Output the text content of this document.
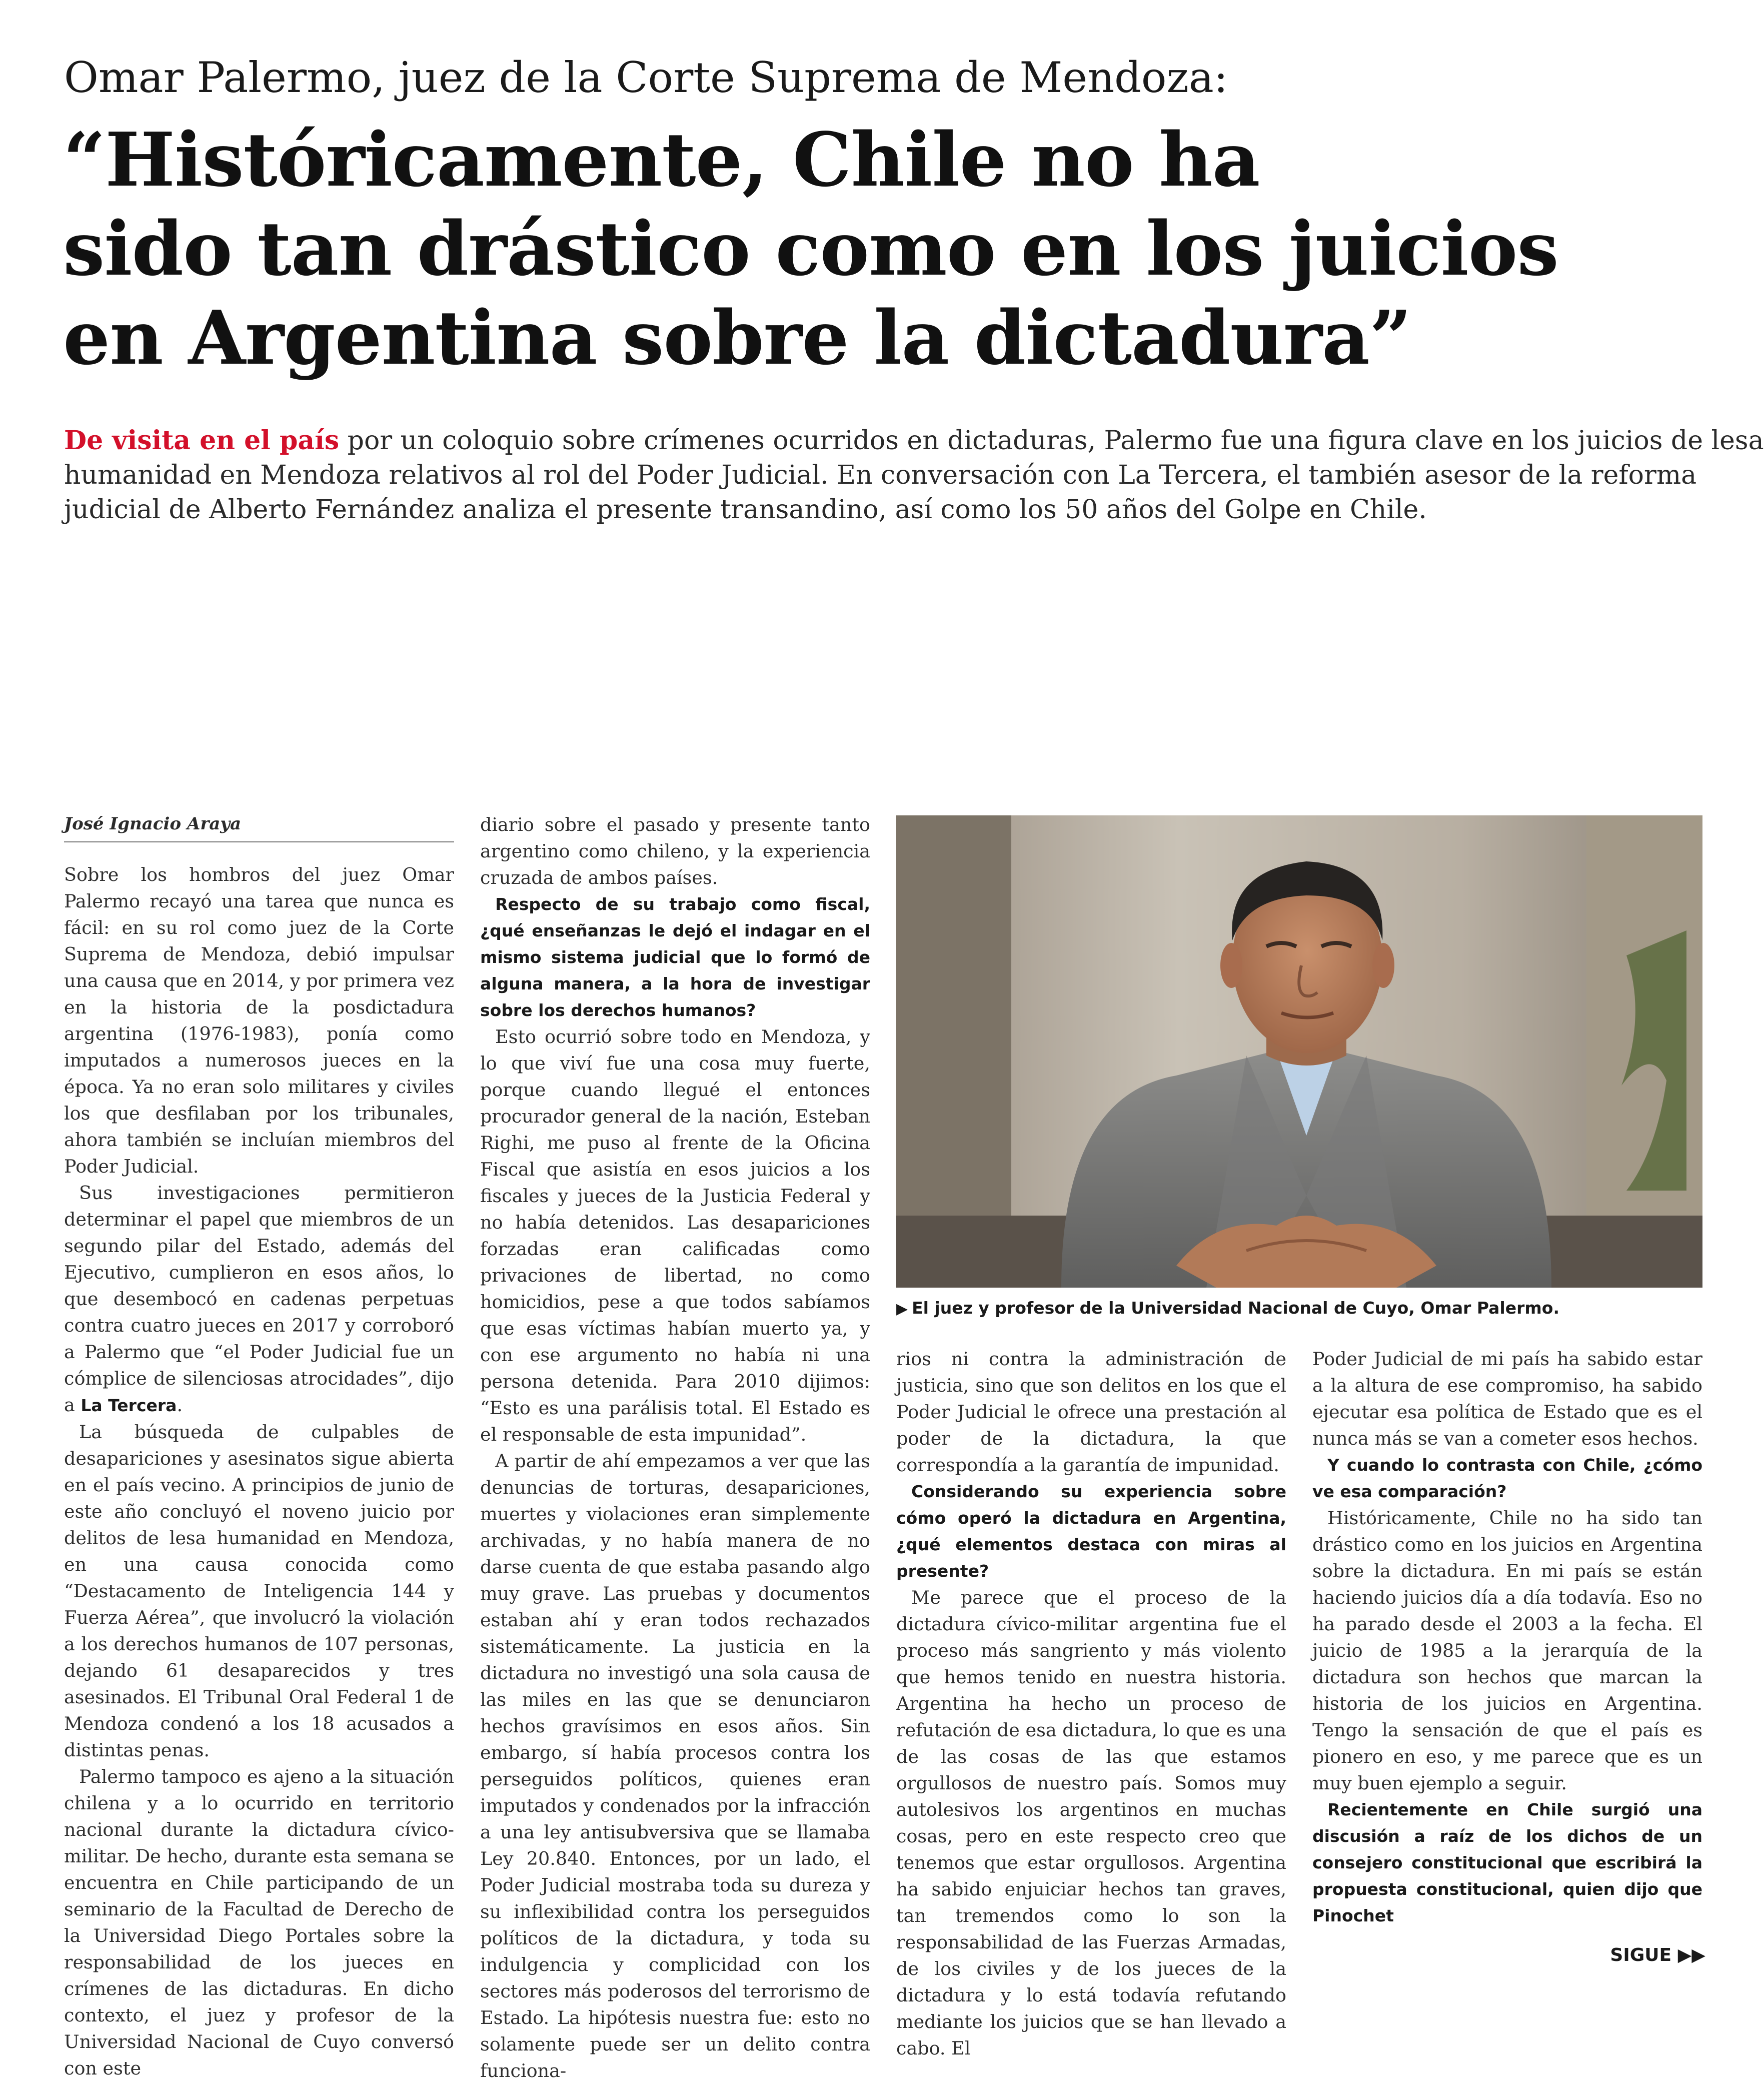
Omar Palermo, juez de la Corte Suprema de Mendoza:
“Históricamente, Chile no ha
sido tan drástico como en los juicios
en Argentina sobre la dictadura”
De visita en el país por un coloquio sobre crímenes ocurridos en dictaduras, Palermo fue una figura clave en los juicios de lesa
humanidad en Mendoza relativos al rol del Poder Judicial. En conversación con La Tercera, el también asesor de la reforma
judicial de Alberto Fernández analiza el presente transandino, así como los 50 años del Golpe en Chile.
José Ignacio Araya

Sobre los hombros del juez Omar Palermo recayó una tarea que nunca es fácil: en su rol como juez de la Corte Suprema de Mendoza, debió impulsar una causa que en 2014, y por primera vez en la historia de la posdictadura argentina (1976-1983), ponía como imputados a numerosos jueces en la época. Ya no eran solo militares y civiles los que desfilaban por los tribunales, ahora también se incluían miembros del Poder Judicial.

Sus investigaciones permitieron determinar el papel que miembros de un segundo pilar del Estado, además del Ejecutivo, cumplieron en esos años, lo que desembocó en cadenas perpetuas contra cuatro jueces en 2017 y corroboró a Palermo que “el Poder Judicial fue un cómplice de silenciosas atrocidades”, dijo a La Tercera.

La búsqueda de culpables de desapariciones y asesinatos sigue abierta en el país vecino. A principios de junio de este año concluyó el noveno juicio por delitos de lesa humanidad en Mendoza, en una causa conocida como “Destacamento de Inteligencia 144 y Fuerza Aérea”, que involucró la violación a los derechos humanos de 107 personas, dejando 61 desaparecidos y tres asesinados. El Tribunal Oral Federal 1 de Mendoza condenó a los 18 acusados a distintas penas.

Palermo tampoco es ajeno a la situación chilena y a lo ocurrido en territorio nacional durante la dictadura cívico-militar. De hecho, durante esta semana se encuentra en Chile participando de un seminario de la Facultad de Derecho de la Universidad Diego Portales sobre la responsabilidad de los jueces en crímenes de las dictaduras. En dicho contexto, el juez y profesor de la Universidad Nacional de Cuyo conversó con este

diario sobre el pasado y presente tanto argentino como chileno, y la experiencia cruzada de ambos países.

Respecto de su trabajo como fiscal, ¿qué enseñanzas le dejó el indagar en el mismo sistema judicial que lo formó de alguna manera, a la hora de investigar sobre los derechos humanos?

Esto ocurrió sobre todo en Mendoza, y lo que viví fue una cosa muy fuerte, porque cuando llegué el entonces procurador general de la nación, Esteban Righi, me puso al frente de la Oficina Fiscal que asistía en esos juicios a los fiscales y jueces de la Justicia Federal y no había detenidos. Las desapariciones forzadas eran calificadas como privaciones de libertad, no como homicidios, pese a que todos sabíamos que esas víctimas habían muerto ya, y con ese argumento no había ni una persona detenida. Para 2010 dijimos: “Esto es una parálisis total. El Estado es el responsable de esta impunidad”.

A partir de ahí empezamos a ver que las denuncias de torturas, desapariciones, muertes y violaciones eran simplemente archivadas, y no había manera de no darse cuenta de que estaba pasando algo muy grave. Las pruebas y documentos estaban ahí y eran todos rechazados sistemáticamente. La justicia en la dictadura no investigó una sola causa de las miles en las que se denunciaron hechos gravísimos en esos años. Sin embargo, sí había procesos contra los perseguidos políticos, quienes eran imputados y condenados por la infracción a una ley antisubversiva que se llamaba Ley 20.840. Entonces, por un lado, el Poder Judicial mostraba toda su dureza y su inflexibilidad contra los perseguidos políticos de la dictadura, y toda su indulgencia y complicidad con los sectores más poderosos del terrorismo de Estado. La hipótesis nuestra fue: esto no solamente puede ser un delito contra funciona-

▶ El juez y profesor de la Universidad Nacional de Cuyo, Omar Palermo.

rios ni contra la administración de justicia, sino que son delitos en los que el Poder Judicial le ofrece una prestación al poder de la dictadura, la que correspondía a la garantía de impunidad.

Considerando su experiencia sobre cómo operó la dictadura en Argentina, ¿qué elementos destaca con miras al presente?

Me parece que el proceso de la dictadura cívico-militar argentina fue el proceso más sangriento y más violento que hemos tenido en nuestra historia. Argentina ha hecho un proceso de refutación de esa dictadura, lo que es una de las cosas de las que estamos orgullosos de nuestro país. Somos muy autolesivos los argentinos en muchas cosas, pero en este respecto creo que tenemos que estar orgullosos. Argentina ha sabido enjuiciar hechos tan graves, tan tremendos como lo son la responsabilidad de las Fuerzas Armadas, de los civiles y de los jueces de la dictadura y lo está todavía refutando mediante los juicios que se han llevado a cabo. El

Poder Judicial de mi país ha sabido estar a la altura de ese compromiso, ha sabido ejecutar esa política de Estado que es el nunca más se van a cometer esos hechos.

Y cuando lo contrasta con Chile, ¿cómo ve esa comparación?

Históricamente, Chile no ha sido tan drástico como en los juicios en Argentina sobre la dictadura. En mi país se están haciendo juicios día a día todavía. Eso no ha parado desde el 2003 a la fecha. El juicio de 1985 a la jerarquía de la dictadura son hechos que marcan la historia de los juicios en Argentina. Tengo la sensación de que el país es pionero en eso, y me parece que es un muy buen ejemplo a seguir.

Recientemente en Chile surgió una discusión a raíz de los dichos de un consejero constitucional que escribirá la propuesta constitucional, quien dijo que Pinochet

SIGUE ▶▶
